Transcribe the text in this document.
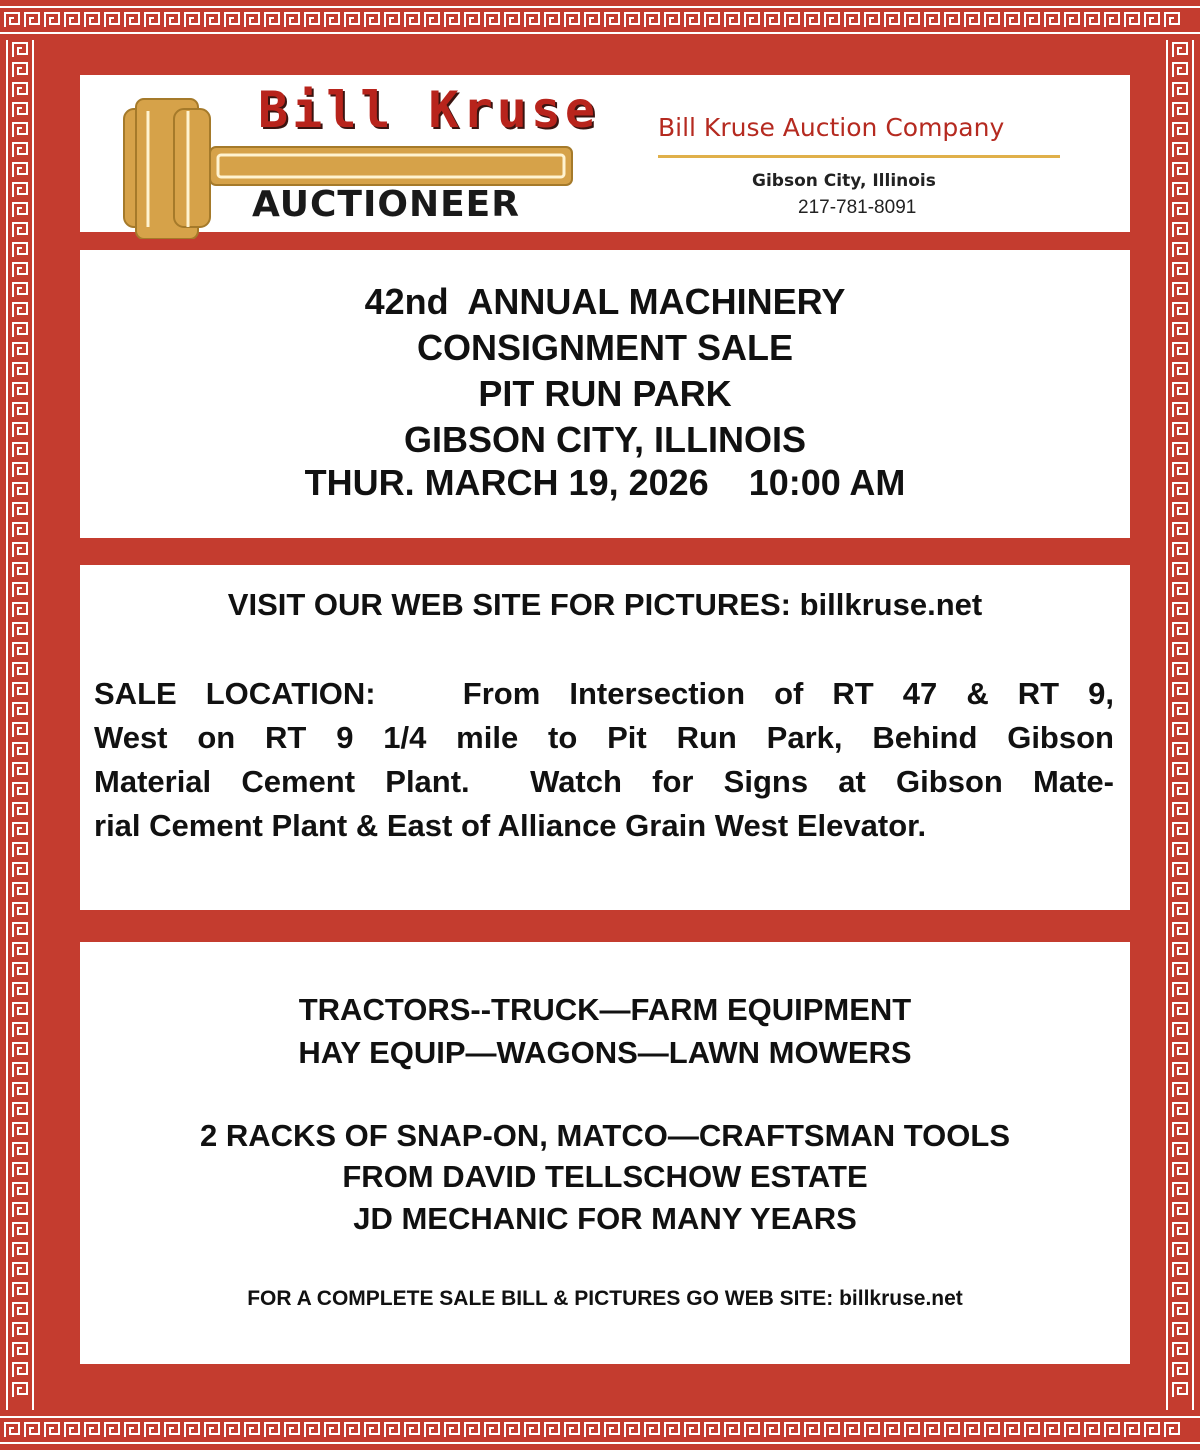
Bill Kruse
AUCTIONEER
Bill Kruse Auction Company
Gibson City, Illinois
217-781-8091
42nd  ANNUAL MACHINERY
CONSIGNMENT SALE
PIT RUN PARK
GIBSON CITY, ILLINOIS
THUR. MARCH 19, 2026    10:00 AM
VISIT OUR WEB SITE FOR PICTURES: billkruse.net
SALE LOCATION:   From Intersection of RT 47 & RT 9,
West on RT 9 1/4 mile to Pit Run Park, Behind Gibson
Material Cement Plant.  Watch for Signs at Gibson Mate-
rial Cement Plant & East of Alliance Grain West Elevator.
TRACTORS--TRUCK—FARM EQUIPMENT
HAY EQUIP—WAGONS—LAWN MOWERS
2 RACKS OF SNAP-ON, MATCO—CRAFTSMAN TOOLS
FROM DAVID TELLSCHOW ESTATE
JD MECHANIC FOR MANY YEARS
FOR A COMPLETE SALE BILL & PICTURES GO WEB SITE: billkruse.net
